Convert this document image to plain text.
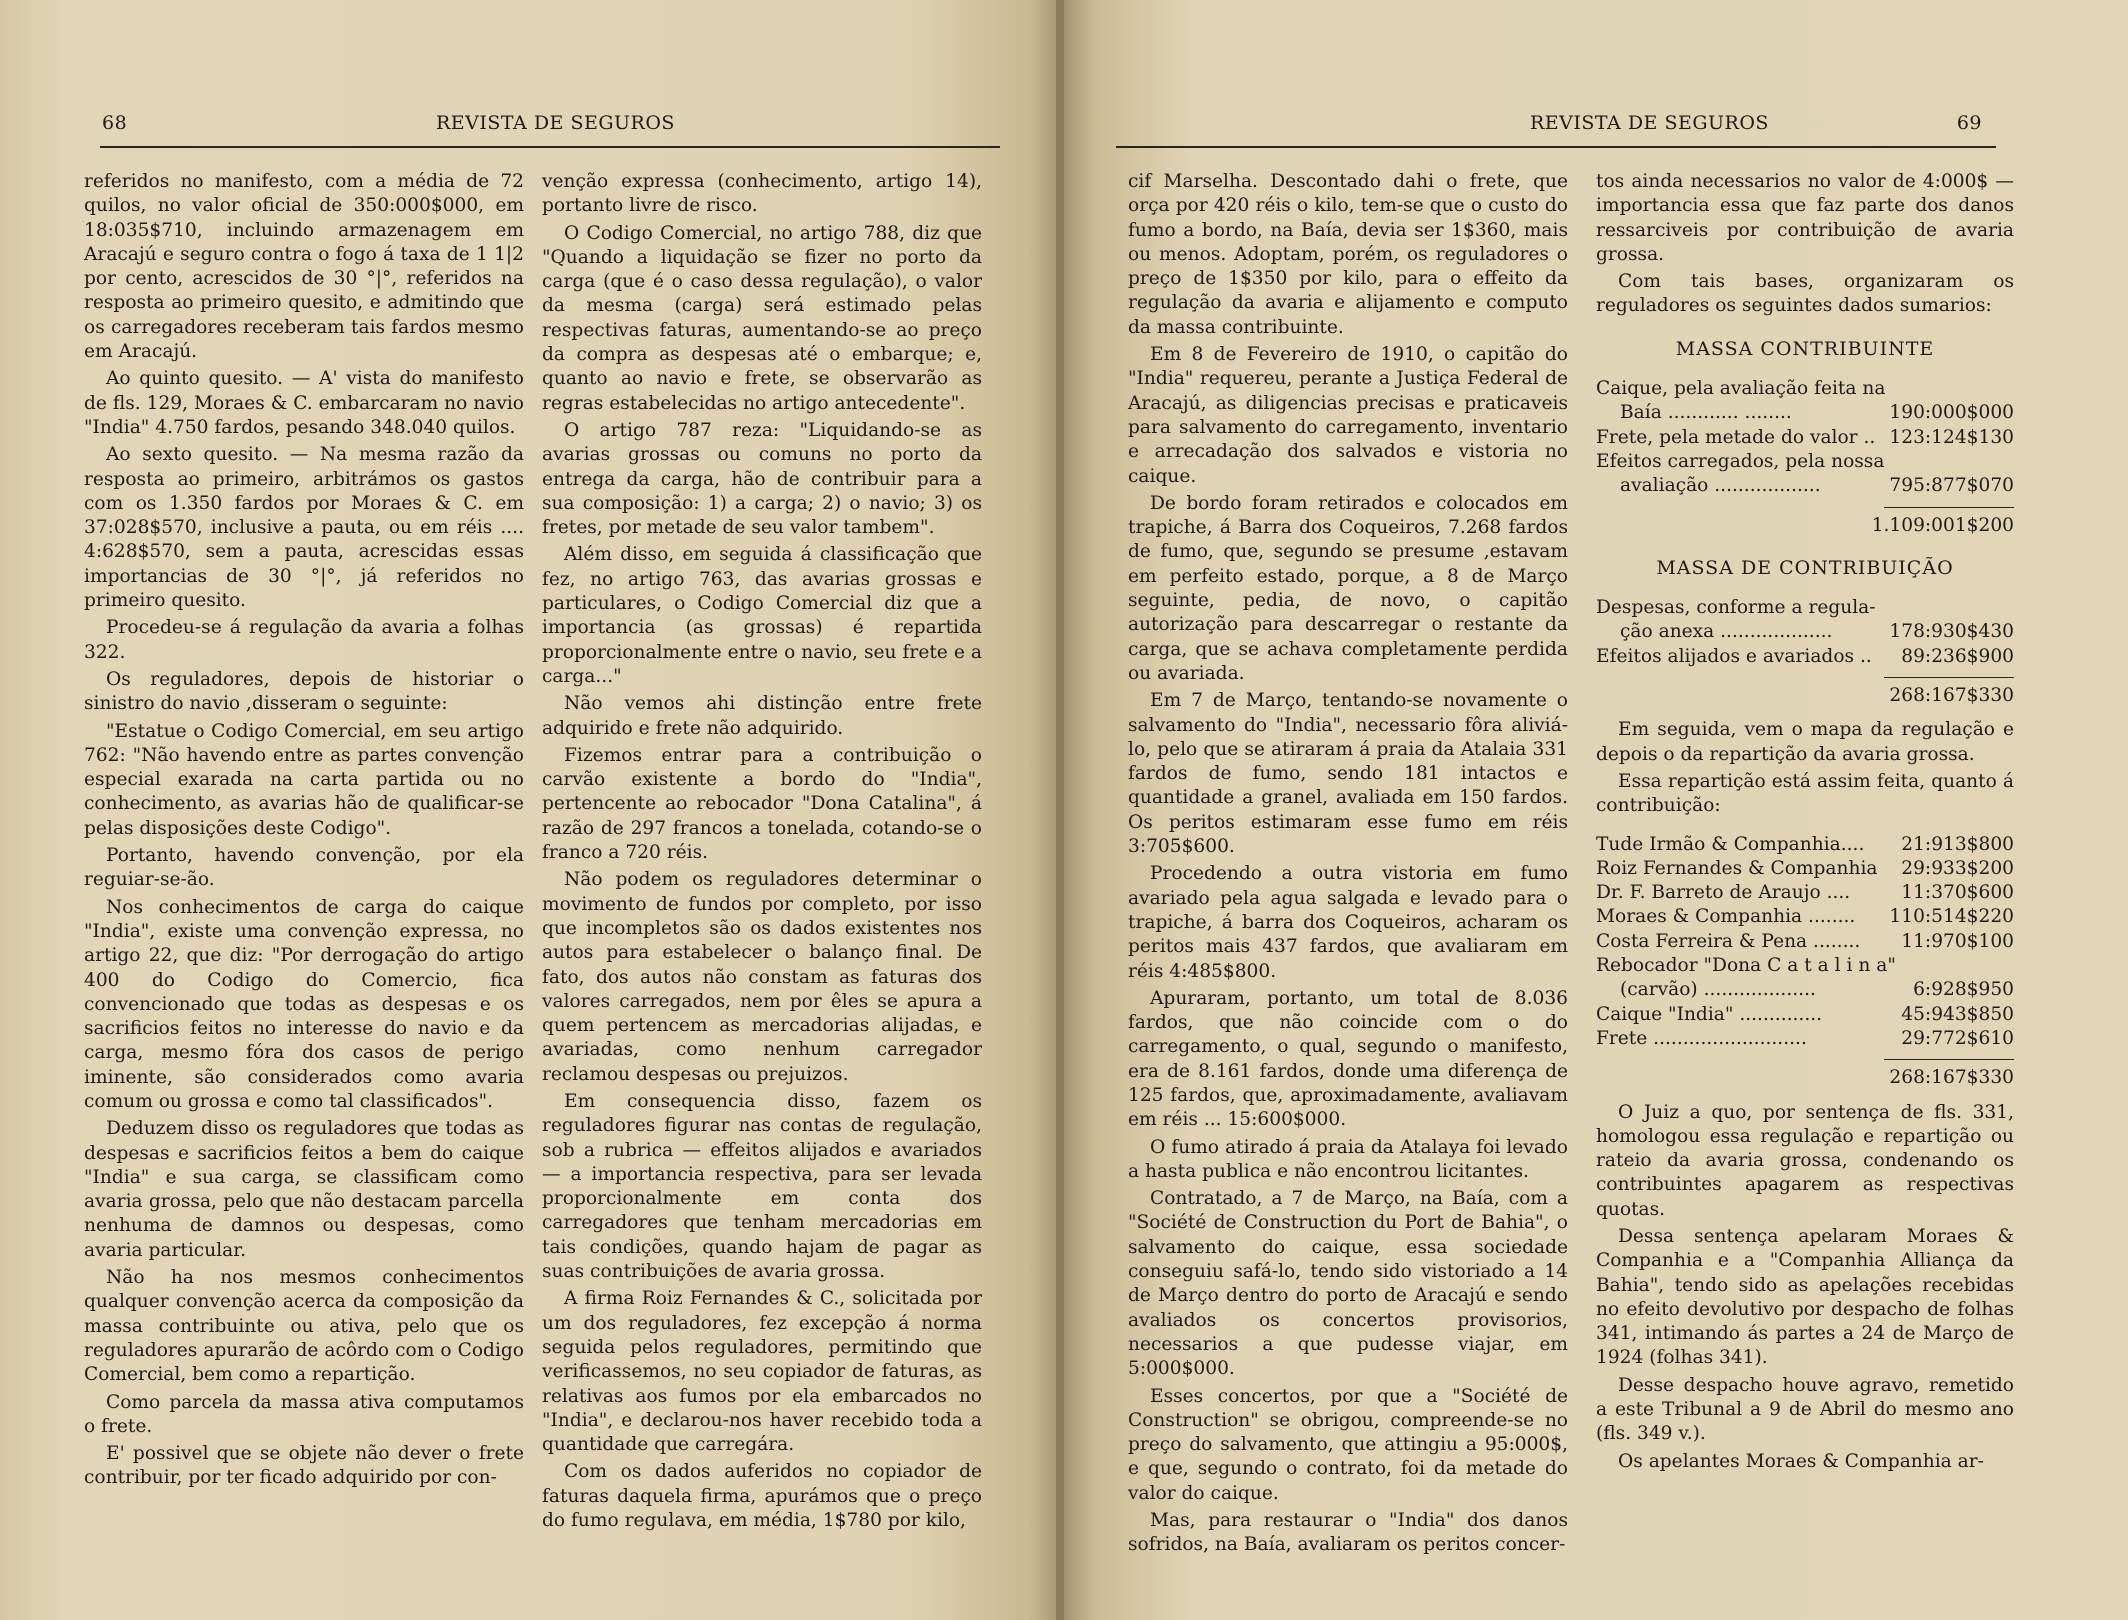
68	REVISTA DE SEGUROS

referidos no manifesto, com a média de 72 quilos, no valor oficial de 350:000$000, em 18:035$710, incluindo armazenagem em Aracajú e seguro contra o fogo á taxa de 1 1|2 por cento, acrescidos de 30 °|°, referidos na resposta ao primeiro quesito, e admitindo que os carregadores receberam tais fardos mesmo em Aracajú.

Ao quinto quesito. — A' vista do manifesto de fls. 129, Moraes & C. embarcaram no navio "India" 4.750 fardos, pesando 348.040 quilos.

Ao sexto quesito. — Na mesma razão da resposta ao primeiro, arbitrámos os gastos com os 1.350 fardos por Moraes & C. em 37:028$570, inclusive a pauta, ou em réis .... 4:628$570, sem a pauta, acrescidas essas importancias de 30 °|°, já referidos no primeiro quesito.

Procedeu-se á regulação da avaria a folhas 322.

Os reguladores, depois de historiar o sinistro do navio ,disseram o seguinte:

"Estatue o Codigo Comercial, em seu artigo 762: "Não havendo entre as partes convenção especial exarada na carta partida ou no conhecimento, as avarias hão de qualificar-se pelas disposições deste Codigo".

Portanto, havendo convenção, por ela reguiar-se-ão.

Nos conhecimentos de carga do caique "India", existe uma convenção expressa, no artigo 22, que diz: "Por derrogação do artigo 400 do Codigo do Comercio, fica convencionado que todas as despesas e os sacrificios feitos no interesse do navio e da carga, mesmo fóra dos casos de perigo iminente, são considerados como avaria comum ou grossa e como tal classificados".

Deduzem disso os reguladores que todas as despesas e sacrificios feitos a bem do caique "India" e sua carga, se classificam como avaria grossa, pelo que não destacam parcella nenhuma de damnos ou despesas, como avaria particular.

Não ha nos mesmos conhecimentos qualquer convenção acerca da composição da massa contribuinte ou ativa, pelo que os reguladores apurarão de acôrdo com o Codigo Comercial, bem como a repartição.

Como parcela da massa ativa computamos o frete.

E' possivel que se objete não dever o frete contribuir, por ter ficado adquirido por con-

venção expressa (conhecimento, artigo 14), portanto livre de risco.

O Codigo Comercial, no artigo 788, diz que "Quando a liquidação se fizer no porto da carga (que é o caso dessa regulação), o valor da mesma (carga) será estimado pelas respectivas faturas, aumentando-se ao preço da compra as despesas até o embarque; e, quanto ao navio e frete, se observarão as regras estabelecidas no artigo antecedente".

O artigo 787 reza: "Liquidando-se as avarias grossas ou comuns no porto da entrega da carga, hão de contribuir para a sua composição: 1) a carga; 2) o navio; 3) os fretes, por metade de seu valor tambem".

Além disso, em seguida á classificação que fez, no artigo 763, das avarias grossas e particulares, o Codigo Comercial diz que a importancia (as grossas) é repartida proporcionalmente entre o navio, seu frete e a carga..."

Não vemos ahi distinção entre frete adquirido e frete não adquirido.

Fizemos entrar para a contribuição o carvão existente a bordo do "India", pertencente ao rebocador "Dona Catalina", á razão de 297 francos a tonelada, cotando-se o franco a 720 réis.

Não podem os reguladores determinar o movimento de fundos por completo, por isso que incompletos são os dados existentes nos autos para estabelecer o balanço final. De fato, dos autos não constam as faturas dos valores carregados, nem por êles se apura a quem pertencem as mercadorias alijadas, e avariadas, como nenhum carregador reclamou despesas ou prejuizos.

Em consequencia disso, fazem os reguladores figurar nas contas de regulação, sob a rubrica — effeitos alijados e avariados — a importancia respectiva, para ser levada proporcionalmente em conta dos carregadores que tenham mercadorias em tais condições, quando hajam de pagar as suas contribuições de avaria grossa.

A firma Roiz Fernandes & C., solicitada por um dos reguladores, fez excepção á norma seguida pelos reguladores, permitindo que verificassemos, no seu copiador de faturas, as relativas aos fumos por ela embarcados no "India", e declarou-nos haver recebido toda a quantidade que carregára.

Com os dados auferidos no copiador de faturas daquela firma, apurámos que o preço do fumo regulava, em média, 1$780 por kilo,

REVISTA DE SEGUROS	69

cif Marselha. Descontado dahi o frete, que orça por 420 réis o kilo, tem-se que o custo do fumo a bordo, na Baía, devia ser 1$360, mais ou menos. Adoptam, porém, os reguladores o preço de 1$350 por kilo, para o effeito da regulação da avaria e alijamento e computo da massa contribuinte.

Em 8 de Fevereiro de 1910, o capitão do "India" requereu, perante a Justiça Federal de Aracajú, as diligencias precisas e praticaveis para salvamento do carregamento, inventario e arrecadação dos salvados e vistoria no caique.

De bordo foram retirados e colocados em trapiche, á Barra dos Coqueiros, 7.268 fardos de fumo, que, segundo se presume ,estavam em perfeito estado, porque, a 8 de Março seguinte, pedia, de novo, o capitão autorização para descarregar o restante da carga, que se achava completamente perdida ou avariada.

Em 7 de Março, tentando-se novamente o salvamento do "India", necessario fôra aliviá-lo, pelo que se atiraram á praia da Atalaia 331 fardos de fumo, sendo 181 intactos e quantidade a granel, avaliada em 150 fardos. Os peritos estimaram esse fumo em réis 3:705$600.

Procedendo a outra vistoria em fumo avariado pela agua salgada e levado para o trapiche, á barra dos Coqueiros, acharam os peritos mais 437 fardos, que avaliaram em réis 4:485$800.

Apuraram, portanto, um total de 8.036 fardos, que não coincide com o do carregamento, o qual, segundo o manifesto, era de 8.161 fardos, donde uma diferença de 125 fardos, que, aproximadamente, avaliavam em réis ... 15:600$000.

O fumo atirado á praia da Atalaya foi levado a hasta publica e não encontrou licitantes.

Contratado, a 7 de Março, na Baía, com a "Société de Construction du Port de Bahia", o salvamento do caique, essa sociedade conseguiu safá-lo, tendo sido vistoriado a 14 de Março dentro do porto de Aracajú e sendo avaliados os concertos provisorios, necessarios a que pudesse viajar, em 5:000$000.

Esses concertos, por que a "Société de Construction" se obrigou, compreende-se no preço do salvamento, que attingiu a 95:000$, e que, segundo o contrato, foi da metade do valor do caique.

Mas, para restaurar o "India" dos danos sofridos, na Baía, avaliaram os peritos concer-

tos ainda necessarios no valor de 4:000$ — importancia essa que faz parte dos danos ressarciveis por contribuição de avaria grossa.

Com tais bases, organizaram os reguladores os seguintes dados sumarios:

MASSA CONTRIBUINTE
Caique, pela avaliação feita na
Baía ............ ........	190:000$000
Frete, pela metade do valor .. 123:124$130
Efeitos carregados, pela nossa
avaliação ..................	795:877$070
1.109:001$200
MASSA DE CONTRIBUIÇÃO
Despesas, conforme a regula-
ção anexa ...................	178:930$430
Efeitos alijados e avariados .. 89:236$900
268:167$330

Em seguida, vem o mapa da regulação e depois o da repartição da avaria grossa.

Essa repartição está assim feita, quanto á contribuição:

Tude Irmão & Companhia.... 21:913$800
Roiz Fernandes & Companhia 29:933$200
Dr. F. Barreto de Araujo ....	11:370$600
Moraes & Companhia ........ 110:514$220
Costa Ferreira & Pena ........ 11:970$100
Rebocador "Dona C a t a l i n a"
(carvão) ...................	6:928$950
Caique "India" ..............	45:943$850
Frete ..........................	29:772$610
268:167$330

O Juiz a quo, por sentença de fls. 331, homologou essa regulação e repartição ou rateio da avaria grossa, condenando os contribuintes apagarem as respectivas quotas.

Dessa sentença apelaram Moraes & Companhia e a "Companhia Alliança da Bahia", tendo sido as apelações recebidas no efeito devolutivo por despacho de folhas 341, intimando ás partes a 24 de Março de 1924 (folhas 341).

Desse despacho houve agravo, remetido a este Tribunal a 9 de Abril do mesmo ano (fls. 349 v.).

Os apelantes Moraes & Companhia ar-
